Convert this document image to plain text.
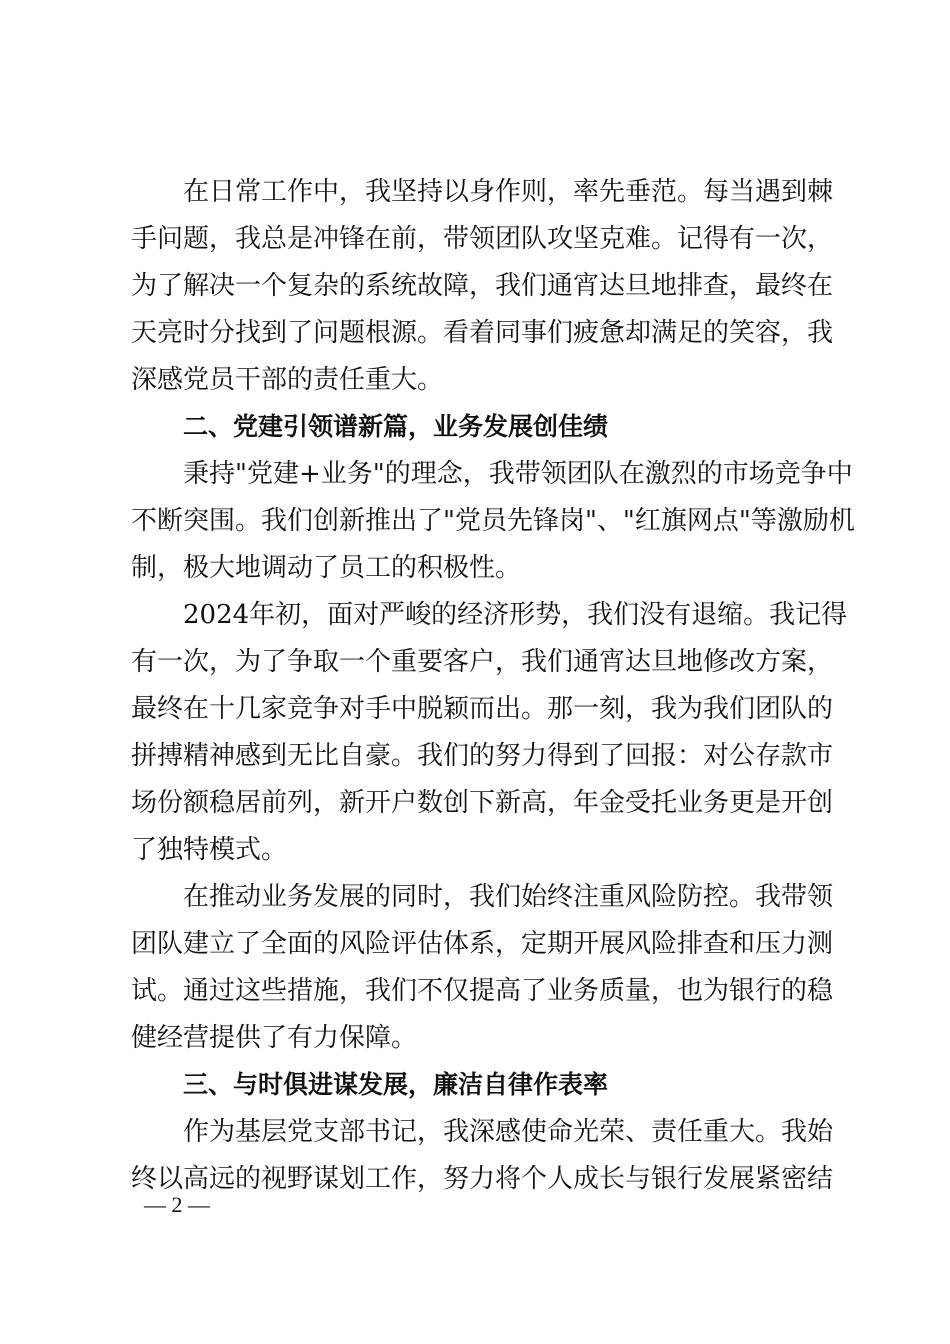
在日常工作中，我坚持以身作则，率先垂范。每当遇到棘
手问题，我总是冲锋在前，带领团队攻坚克难。记得有一次，
为了解决一个复杂的系统故障，我们通宵达旦地排查，最终在
天亮时分找到了问题根源。看着同事们疲惫却满足的笑容，我
深感党员干部的责任重大。
二、党建引领谱新篇，业务发展创佳绩
秉持"党建+业务"的理念，我带领团队在激烈的市场竞争中
不断突围。我们创新推出了"党员先锋岗"、"红旗网点"等激励机
制，极大地调动了员工的积极性。
2024年初，面对严峻的经济形势，我们没有退缩。我记得
有一次，为了争取一个重要客户，我们通宵达旦地修改方案，
最终在十几家竞争对手中脱颖而出。那一刻，我为我们团队的
拼搏精神感到无比自豪。我们的努力得到了回报：对公存款市
场份额稳居前列，新开户数创下新高，年金受托业务更是开创
了独特模式。
在推动业务发展的同时，我们始终注重风险防控。我带领
团队建立了全面的风险评估体系，定期开展风险排查和压力测
试。通过这些措施，我们不仅提高了业务质量，也为银行的稳
健经营提供了有力保障。
三、与时俱进谋发展，廉洁自律作表率
作为基层党支部书记，我深感使命光荣、责任重大。我始
终以高远的视野谋划工作，努力将个人成长与银行发展紧密结
— 2 —
